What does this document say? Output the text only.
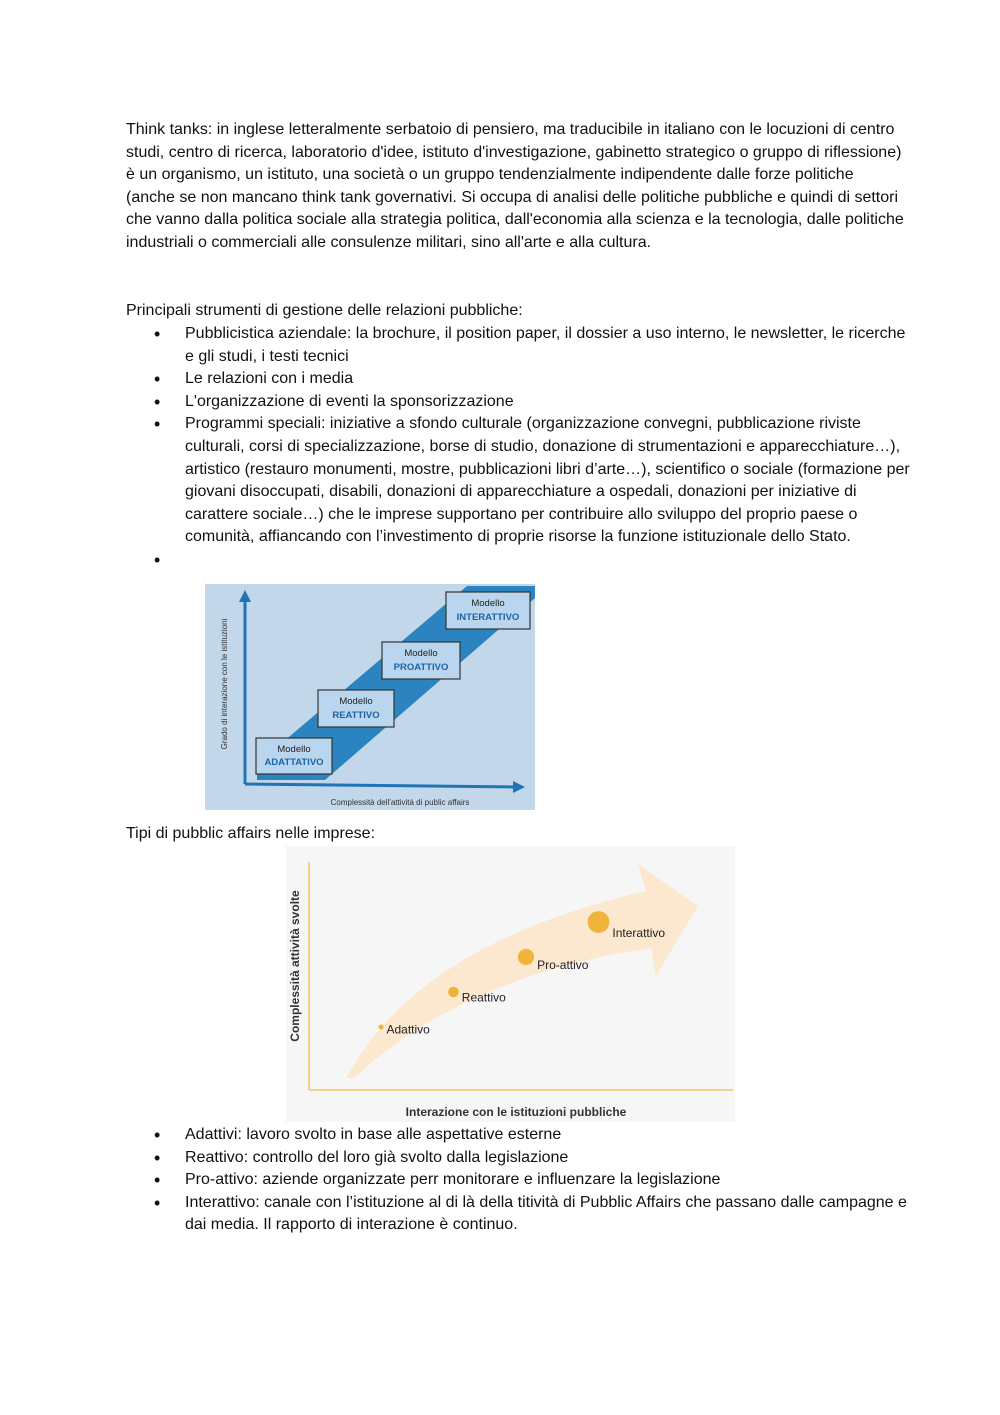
Think tanks: in inglese letteralmente serbatoio di pensiero, ma traducibile in italiano con le locuzioni di centro studi, centro di ricerca, laboratorio d'idee, istituto d'investigazione, gabinetto strategico o gruppo di riflessione) è un organismo, un istituto, una società o un gruppo tendenzialmente indipendente dalle forze politiche (anche se non mancano think tank governativi. Si occupa di analisi delle politiche pubbliche e quindi di settori che vanno dalla politica sociale alla strategia politica, dall'economia alla scienza e la tecnologia, dalle politiche industriali o commerciali alle consulenze militari, sino all'arte e alla cultura.

Principali strumenti di gestione delle relazioni pubbliche:

• Pubblicistica aziendale: la brochure, il position paper, il dossier a uso interno, le newsletter, le ricerche e gli studi, i testi tecnici
• Le relazioni con i media
• L'organizzazione di eventi la sponsorizzazione
• Programmi speciali: iniziative a sfondo culturale (organizzazione convegni, pubblicazione riviste culturali, corsi di specializzazione, borse di studio, donazione di strumentazioni e apparecchiature…), artistico (restauro monumenti, mostre, pubblicazioni libri d’arte…), scientifico o sociale (formazione per giovani disoccupati, disabili, donazioni di apparecchiature a ospedali, donazioni per iniziative di carattere sociale…) che le imprese supportano per contribuire allo sviluppo del proprio paese o comunità, affiancando con l’investimento di proprie risorse la funzione istituzionale dello Stato.
•
Grado di interazione con le istituzioni
Complessità dell'attività di public affairs
Modello
ADATTATIVO
Modello
REATTIVO
Modello
PROATTIVO
Modello
INTERATTIVO

Tipi di pubblic affairs nelle imprese:

Complessità attività svolte
Interazione con le istituzioni pubbliche
Adattivo
Reattivo
Pro-attivo
Interattivo
• Adattivi: lavoro svolto in base alle aspettative esterne
• Reattivo: controllo del loro già svolto dalla legislazione
• Pro-attivo: aziende organizzate perr monitorare e influenzare la legislazione
• Interattivo: canale con l’istituzione al di là della titività di Pubblic Affairs che passano dalle campagne e dai media. Il rapporto di interazione è continuo.
